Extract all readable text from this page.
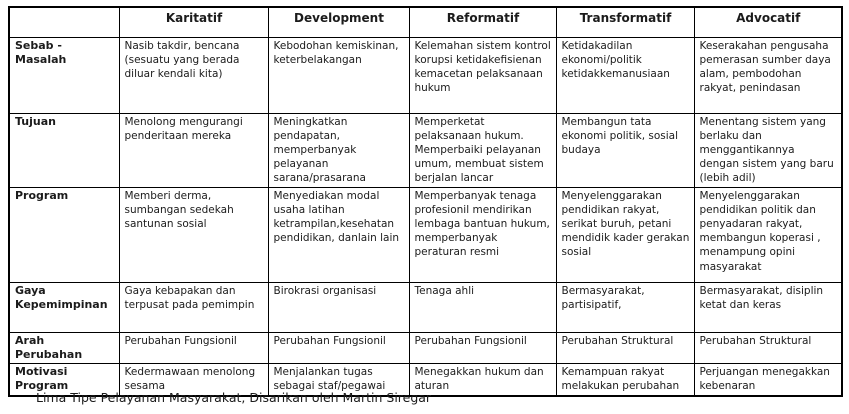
	Karitatif	Development	Reformatif	Transformatif	Advocatif
Sebab - Masalah	Nasib takdir, bencana (sesuatu yang berada diluar kendali kita)	Kebodohan kemiskinan, keterbelakangan	Kelemahan sistem kontrol korupsi ketidakefisienan kemacetan pelaksanaan hukum	Ketidakadilan ekonomi/politik ketidakkemanusiaan	Keserakahan pengusaha pemerasan sumber daya alam, pembodohan rakyat, penindasan
Tujuan	Menolong mengurangi penderitaan mereka	Meningkatkan pendapatan, memperbanyak pelayanan sarana/prasarana	Memperketat pelaksanaan hukum. Memperbaiki pelayanan umum, membuat sistem berjalan lancar	Membangun tata ekonomi politik, sosial budaya	Menentang sistem yang berlaku dan menggantikannya dengan sistem yang baru (lebih adil)
Program	Memberi derma, sumbangan sedekah santunan sosial	Menyediakan modal usaha latihan ketrampilan,kesehatan pendidikan, danlain lain	Memperbanyak tenaga profesionil mendirikan lembaga bantuan hukum, memperbanyak peraturan resmi	Menyelenggarakan pendidikan rakyat, serikat buruh, petani mendidik kader gerakan sosial	Menyelenggarakan pendidikan politik dan penyadaran rakyat, membangun koperasi , menampung opini masyarakat
Gaya Kepemimpinan	Gaya kebapakan dan terpusat pada pemimpin	Birokrasi organisasi	Tenaga ahli	Bermasyarakat, partisipatif,	Bermasyarakat, disiplin ketat dan keras
Arah Perubahan	Perubahan Fungsionil	Perubahan Fungsionil	Perubahan Fungsionil	Perubahan Struktural	Perubahan Struktural
Motivasi Program	Kedermawaan menolong sesama	Menjalankan tugas sebagai staf/pegawai	Menegakkan hukum dan aturan	Kemampuan rakyat melakukan perubahan	Perjuangan menegakkan kebenaran

Lima Tipe Pelayanan Masyarakat, Disarikan oleh Martin Siregar
